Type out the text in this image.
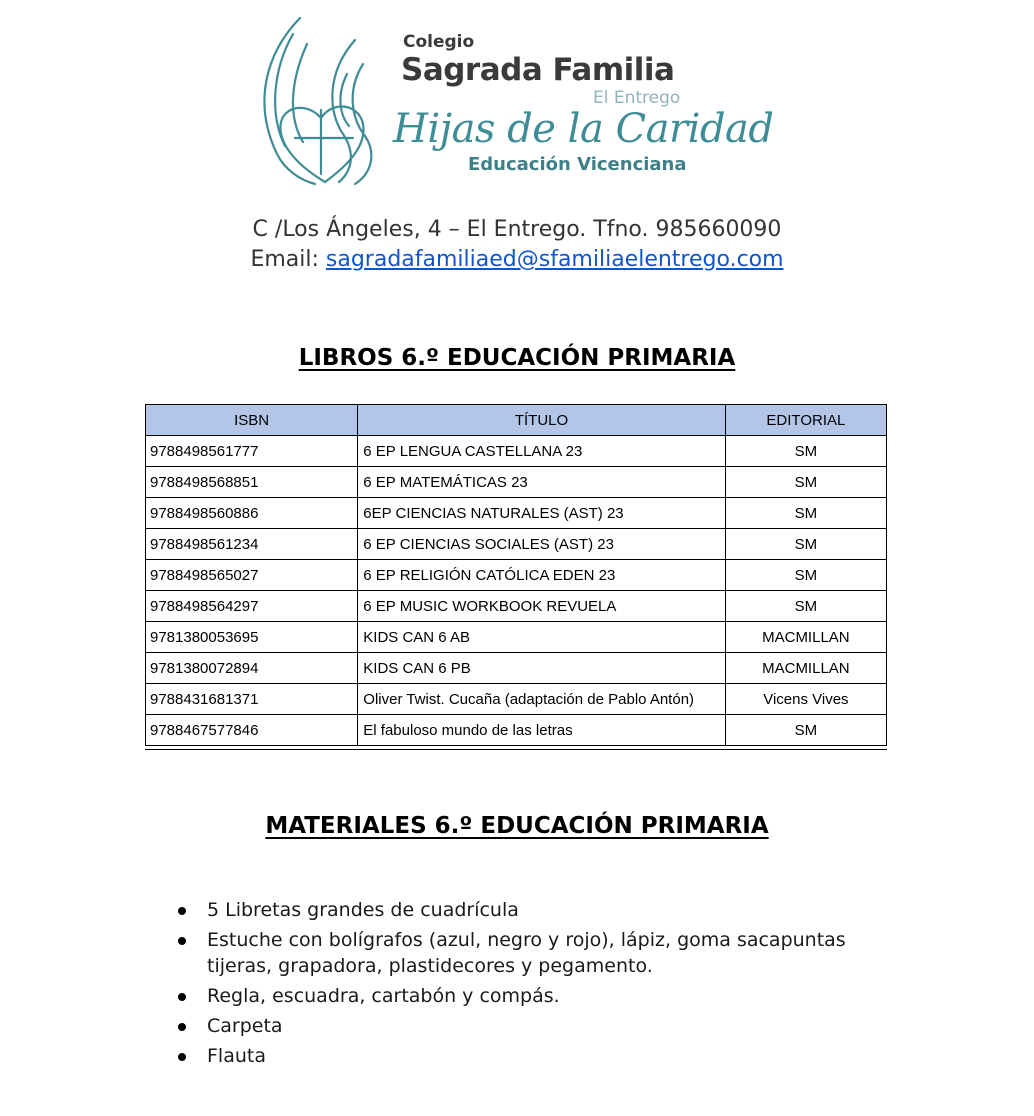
Colegio
Sagrada Familia
El Entrego
Hijas de la Caridad
Educación Vicenciana
C /Los Ángeles, 4 – El Entrego. Tfno. 985660090
Email: sagradafamiliaed@sfamiliaelentrego.com
LIBROS 6.º EDUCACIÓN PRIMARIA
ISBN	TÍTULO	EDITORIAL
9788498561777	6 EP LENGUA CASTELLANA 23	SM
9788498568851	6 EP MATEMÁTICAS 23	SM
9788498560886	6EP CIENCIAS NATURALES (AST) 23	SM
9788498561234	6 EP CIENCIAS SOCIALES (AST) 23	SM
9788498565027	6 EP RELIGIÓN CATÓLICA EDEN 23	SM
9788498564297	6 EP MUSIC WORKBOOK REVUELA	SM
9781380053695	KIDS CAN 6 AB	MACMILLAN
9781380072894	KIDS CAN 6 PB	MACMILLAN
9788431681371	Oliver Twist. Cucaña (adaptación de Pablo Antón)	Vicens Vives
9788467577846	El fabuloso mundo de las letras	SM
MATERIALES 6.º EDUCACIÓN PRIMARIA
5 Libretas grandes de cuadrícula
Estuche con bolígrafos (azul, negro y rojo), lápiz, goma sacapuntas tijeras, grapadora, plastidecores y pegamento.
Regla, escuadra, cartabón y compás.
Carpeta
Flauta
